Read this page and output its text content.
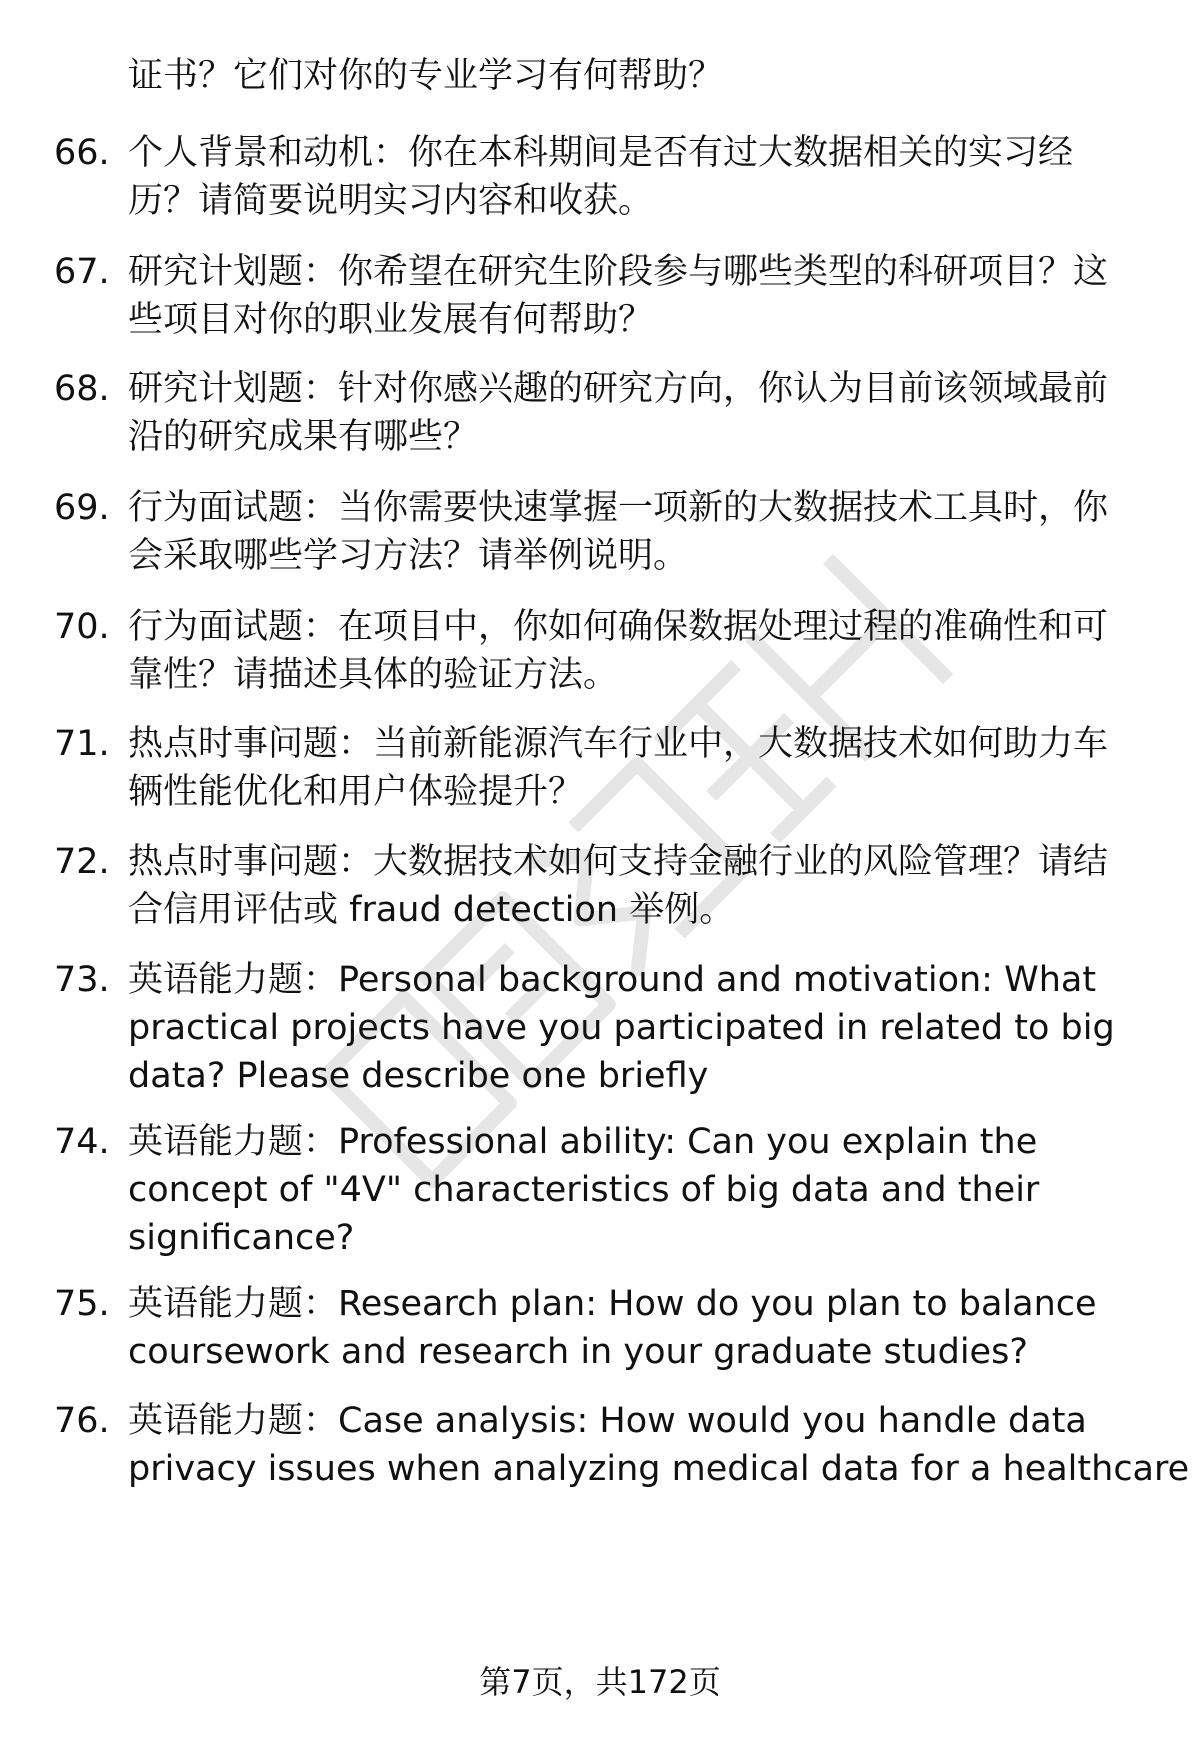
证书？它们对你的专业学习有何帮助？
66. 个人背景和动机：你在本科期间是否有过大数据相关的实习经
历？请简要说明实习内容和收获。
67. 研究计划题：你希望在研究生阶段参与哪些类型的科研项目？这
些项目对你的职业发展有何帮助？
68. 研究计划题：针对你感兴趣的研究方向，你认为目前该领域最前
沿的研究成果有哪些？
69. 行为面试题：当你需要快速掌握一项新的大数据技术工具时，你
会采取哪些学习方法？请举例说明。
70. 行为面试题：在项目中，你如何确保数据处理过程的准确性和可
靠性？请描述具体的验证方法。
71. 热点时事问题：当前新能源汽车行业中，大数据技术如何助力车
辆性能优化和用户体验提升？
72. 热点时事问题：大数据技术如何支持金融行业的风险管理？请结
合信用评估或 fraud detection 举例。
73. 英语能力题：Personal background and motivation: What
practical projects have you participated in related to big
data? Please describe one briefly
74. 英语能力题：Professional ability: Can you explain the
concept of "4V" characteristics of big data and their
significance?
75. 英语能力题：Research plan: How do you plan to balance
coursework and research in your graduate studies?
76. 英语能力题：Case analysis: How would you handle data
privacy issues when analyzing medical data for a healthcare
第7页，共172页
